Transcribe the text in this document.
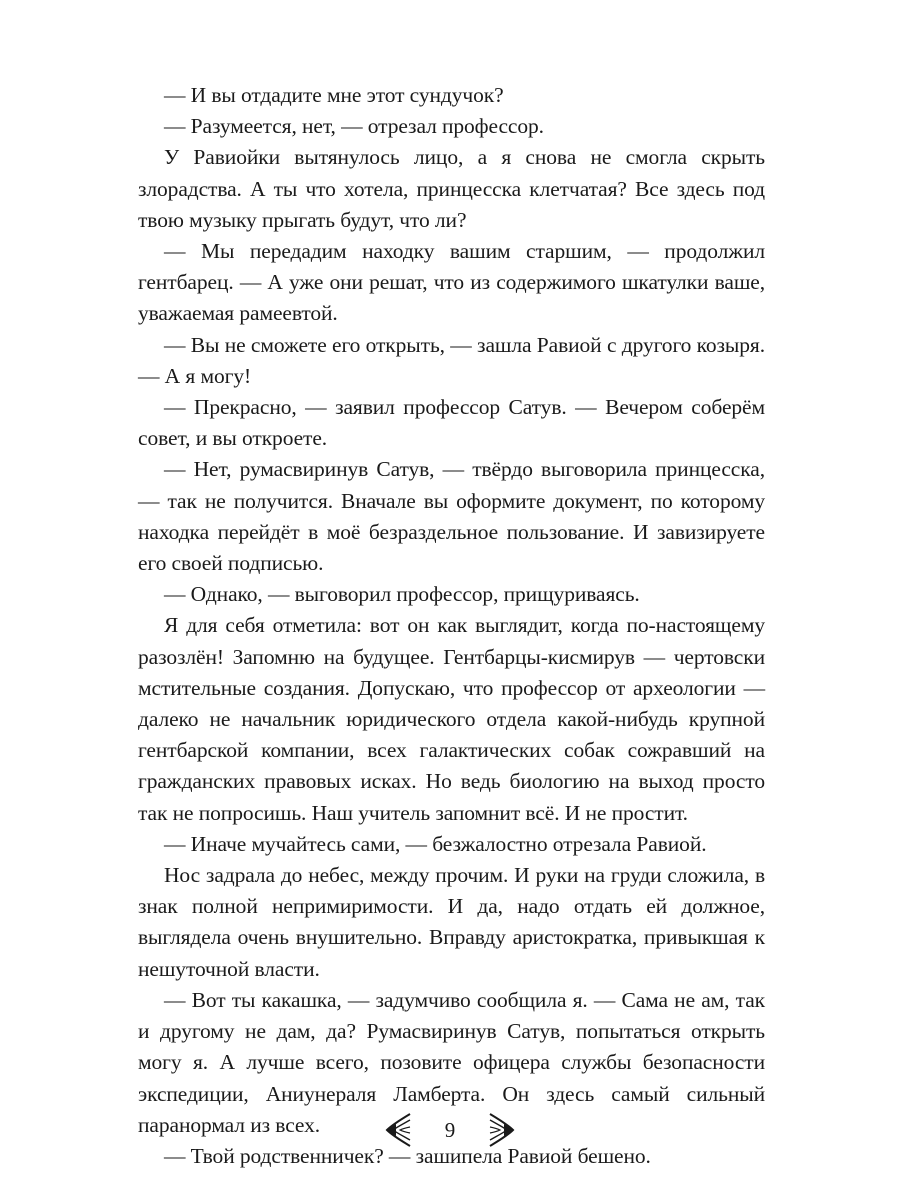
— И вы отдадите мне этот сундучок?

— Разумеется, нет, — отрезал профессор.

У Равиойки вытянулось лицо, а я снова не смогла скрыть злорадства. А ты что хотела, принцесска клетчатая? Все здесь под твою музыку прыгать будут, что ли?

— Мы передадим находку вашим старшим, — продолжил гентбарец. — А уже они решат, что из содержимого шкатулки ваше, уважаемая рамеевтой.

— Вы не сможете его открыть, — зашла Равиой с другого козыря. — А я могу!

— Прекрасно, — заявил профессор Сатув. — Вечером соберём совет, и вы откроете.

— Нет, румасвиринув Сатув, — твёрдо выговорила принцесска, — так не получится. Вначале вы оформите документ, по которому находка перейдёт в моё безраздельное пользование. И завизируете его своей подписью.

— Однако, — выговорил профессор, прищуриваясь.

Я для себя отметила: вот он как выглядит, когда по-настоящему разозлён! Запомню на будущее. Гентбарцы-кисмирув — чертовски мстительные создания. Допускаю, что профессор от археологии — далеко не начальник юридического отдела какой-нибудь крупной гентбарской компании, всех галактических собак сожравший на гражданских правовых исках. Но ведь биологию на выход просто так не попросишь. Наш учитель запомнит всё. И не простит.

— Иначе мучайтесь сами, — безжалостно отрезала Равиой.

Нос задрала до небес, между прочим. И руки на груди сложила, в знак полной непримиримости. И да, надо отдать ей должное, выглядела очень внушительно. Вправду аристократка, привыкшая к нешуточной власти.

— Вот ты какашка, — задумчиво сообщила я. — Сама не ам, так и другому не дам, да? Румасвиринув Сатув, попытаться открыть могу я. А лучше всего, позовите офицера службы безопасности экспедиции, Аниунераля Ламберта. Он здесь самый сильный паранормал из всех.

— Твой родственничек? — зашипела Равиой бешено.

9
